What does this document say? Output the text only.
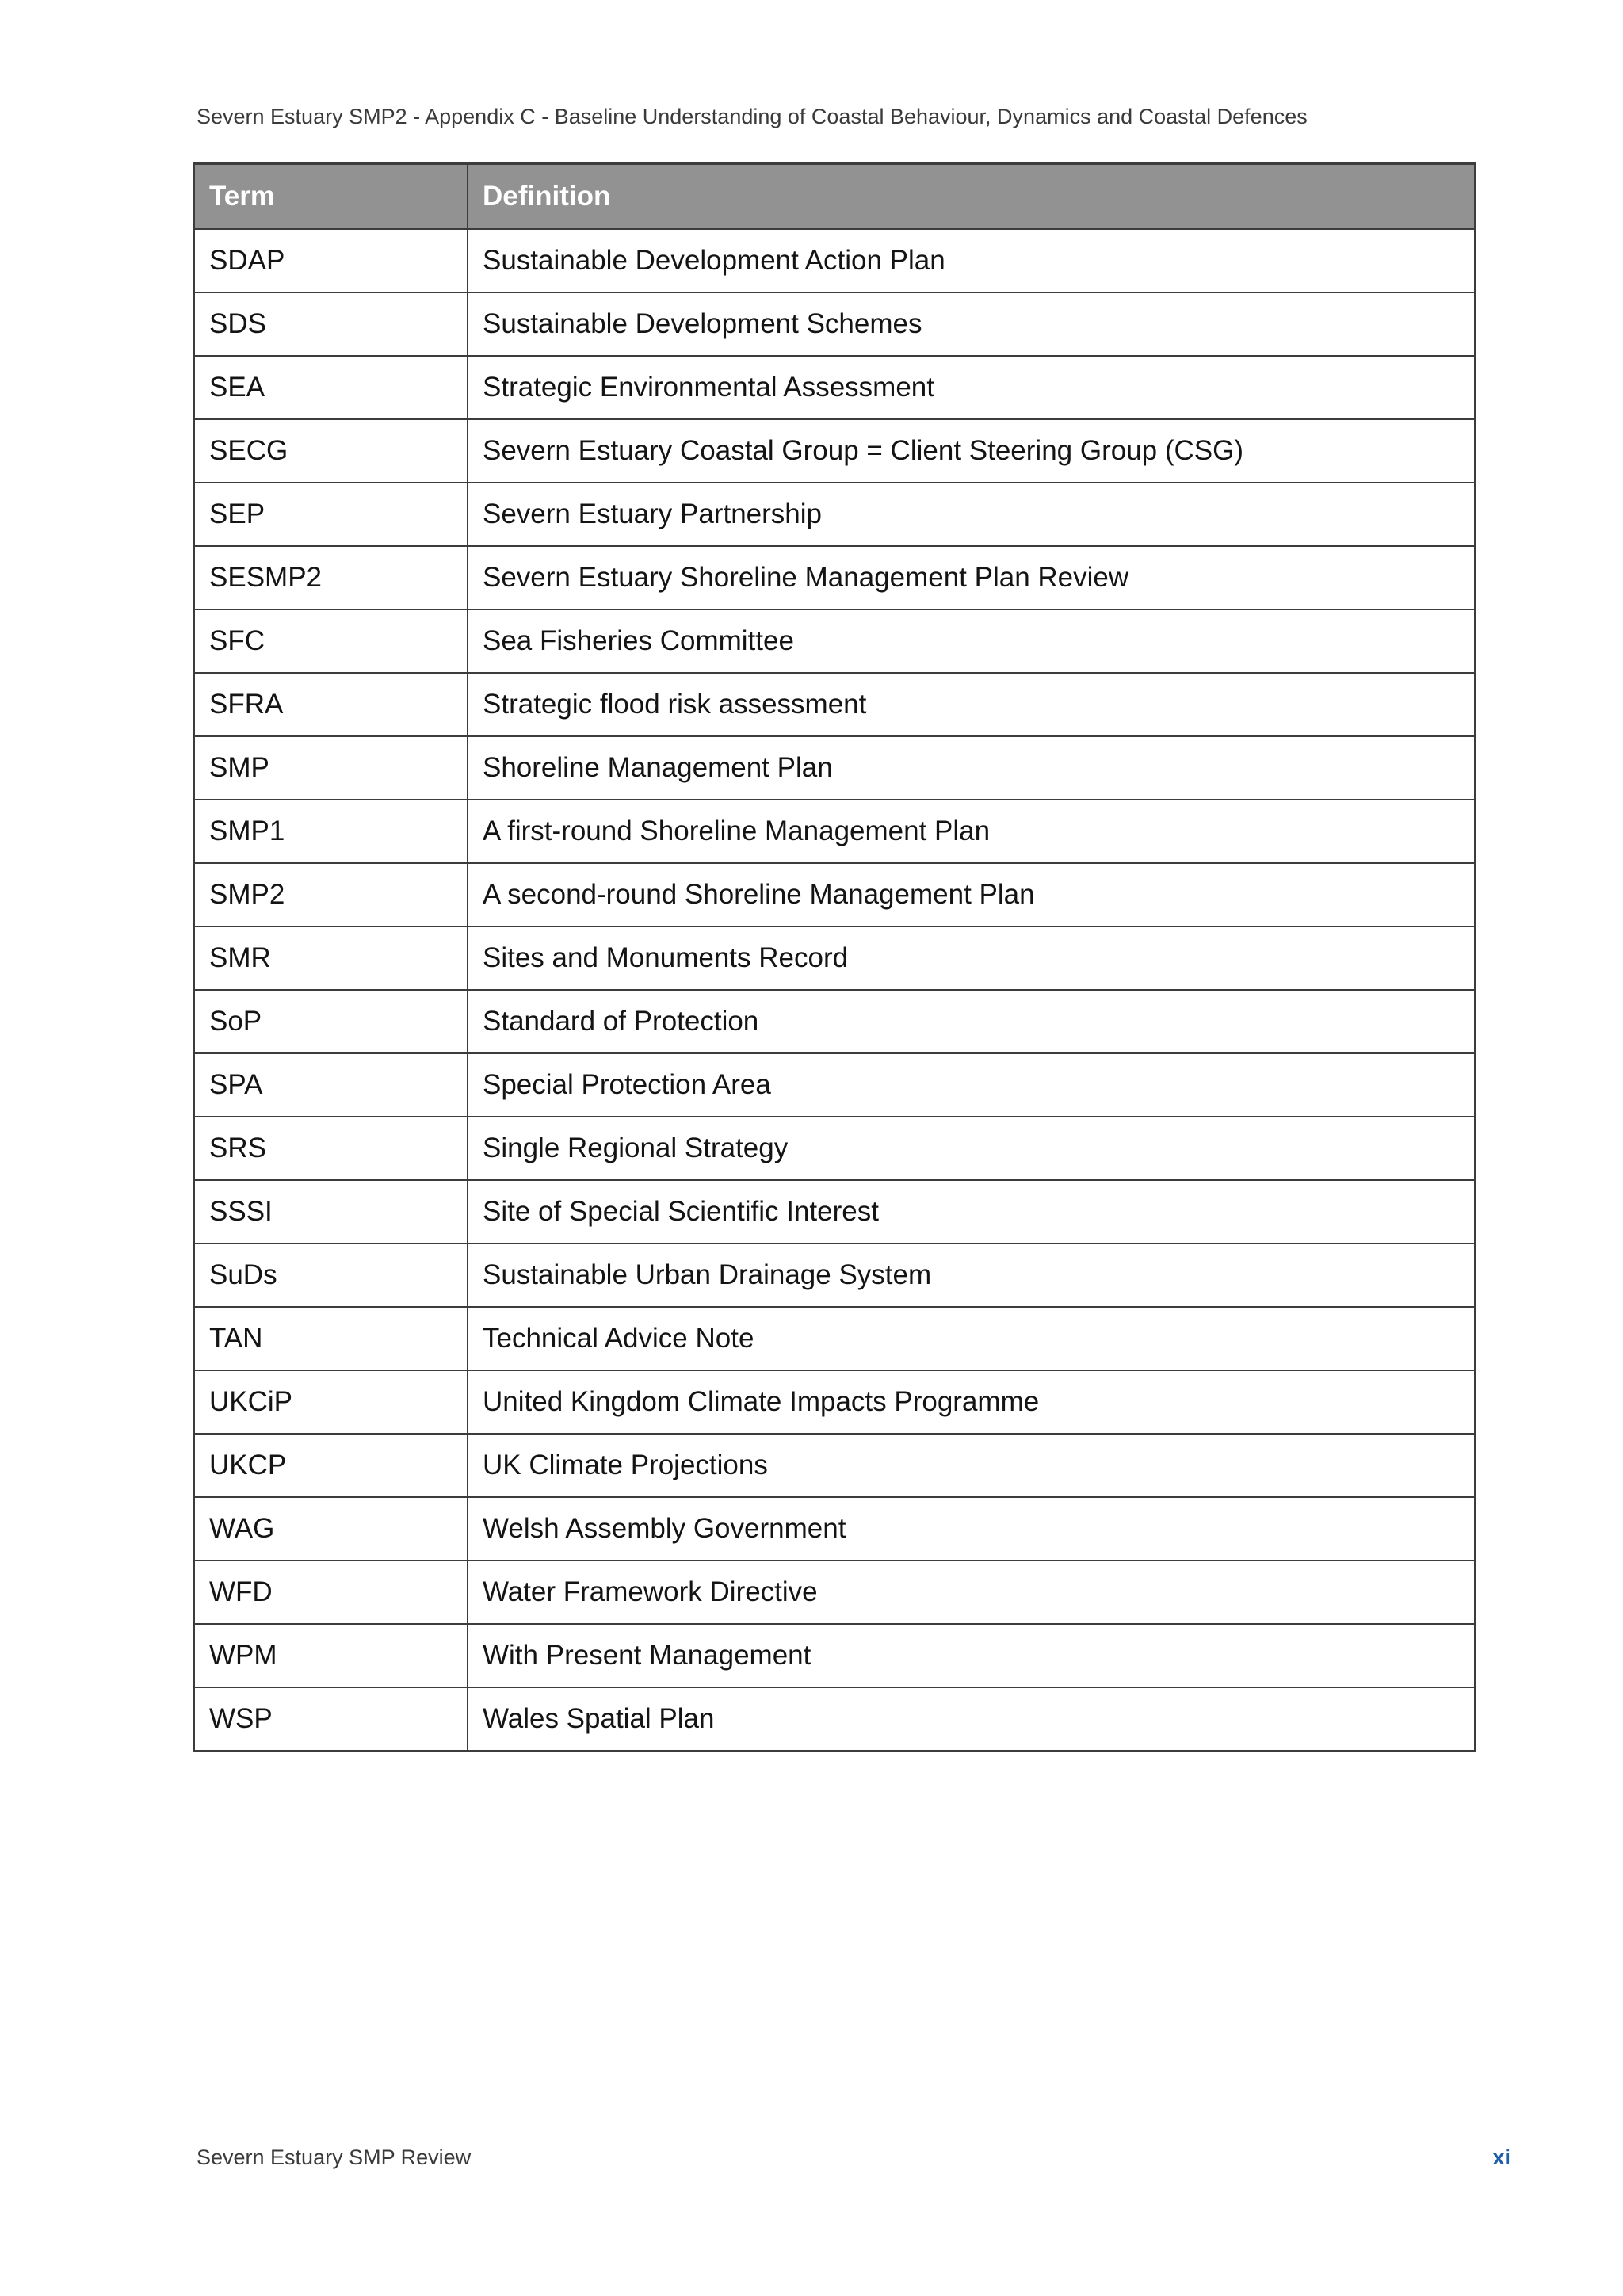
Severn Estuary SMP2 - Appendix C - Baseline Understanding of Coastal Behaviour, Dynamics and Coastal Defences
Term	Definition
SDAP	Sustainable Development Action Plan
SDS	Sustainable Development Schemes
SEA	Strategic Environmental Assessment
SECG	Severn Estuary Coastal Group = Client Steering Group (CSG)
SEP	Severn Estuary Partnership
SESMP2	Severn Estuary Shoreline Management Plan Review
SFC	Sea Fisheries Committee
SFRA	Strategic flood risk assessment
SMP	Shoreline Management Plan
SMP1	A first-round Shoreline Management Plan
SMP2	A second-round Shoreline Management Plan
SMR	Sites and Monuments Record
SoP	Standard of Protection
SPA	Special Protection Area
SRS	Single Regional Strategy
SSSI	Site of Special Scientific Interest
SuDs	Sustainable Urban Drainage System
TAN	Technical Advice Note
UKCiP	United Kingdom Climate Impacts Programme
UKCP	UK Climate Projections
WAG	Welsh Assembly Government
WFD	Water Framework Directive
WPM	With Present Management
WSP	Wales Spatial Plan
Severn Estuary SMP Review	xi
